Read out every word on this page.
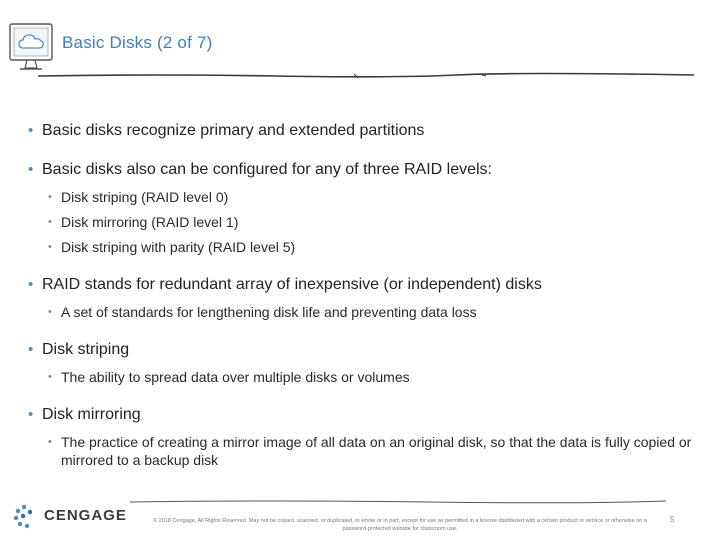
Basic Disks (2 of 7)
• Basic disks recognize primary and extended partitions
• Basic disks also can be configured for any of three RAID levels:
• Disk striping (RAID level 0)
• Disk mirroring (RAID level 1)
• Disk striping with parity (RAID level 5)
• RAID stands for redundant array of inexpensive (or independent) disks
• A set of standards for lengthening disk life and preventing data loss
• Disk striping
• The ability to spread data over multiple disks or volumes
• Disk mirroring
• The practice of creating a mirror image of all data on an original disk, so that the data is fully copied or mirrored to a backup disk
CENGAGE	© 2018 Cengage. All Rights Reserved. May not be copied, scanned, or duplicated, in whole or in part, except for use as permitted in a license distributed with a certain product or service or otherwise on a password-protected website for classroom use.
5
